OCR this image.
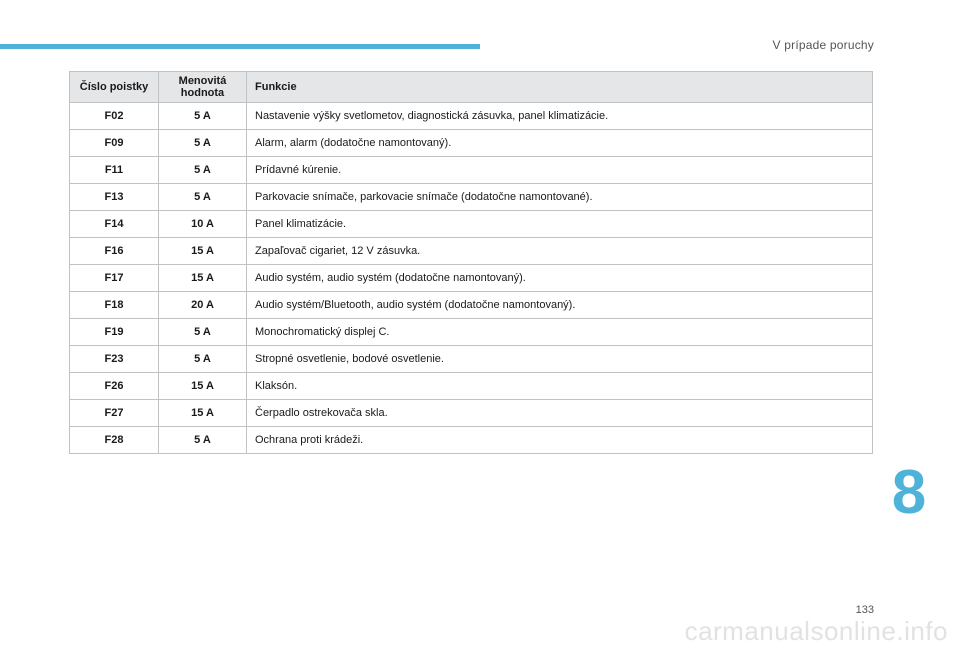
V prípade poruchy
Číslo poistky	Menovitá hodnota	Funkcie
F02	5 A	Nastavenie výšky svetlometov, diagnostická zásuvka, panel klimatizácie.
F09	5 A	Alarm, alarm (dodatočne namontovaný).
F11	5 A	Prídavné kúrenie.
F13	5 A	Parkovacie snímače, parkovacie snímače (dodatočne namontované).
F14	10 A	Panel klimatizácie.
F16	15 A	Zapaľovač cigariet, 12 V zásuvka.
F17	15 A	Audio systém, audio systém (dodatočne namontovaný).
F18	20 A	Audio systém/Bluetooth, audio systém (dodatočne namontovaný).
F19	5 A	Monochromatický displej C.
F23	5 A	Stropné osvetlenie, bodové osvetlenie.
F26	15 A	Klaksón.
F27	15 A	Čerpadlo ostrekovača skla.
F28	5 A	Ochrana proti krádeži.
8
133
carmanualsonline.info
